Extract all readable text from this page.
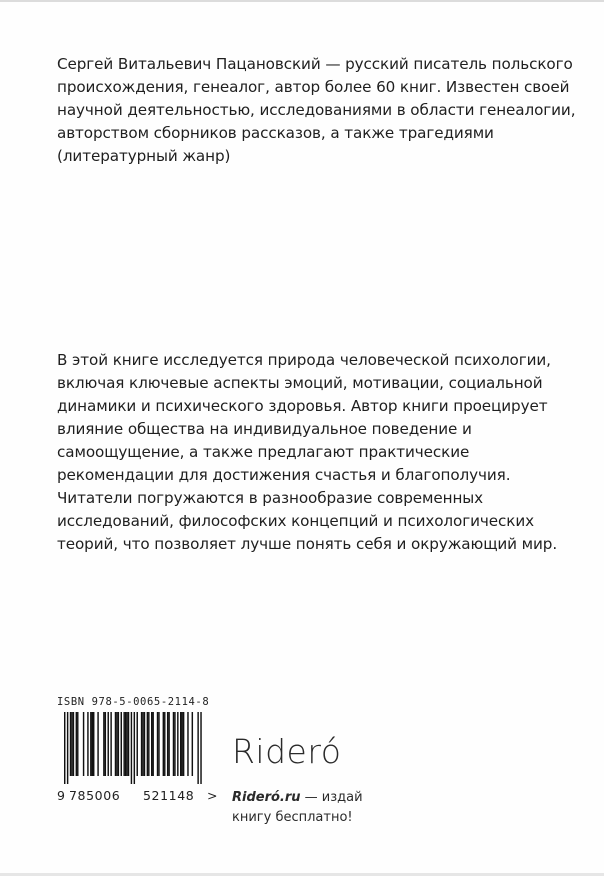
Сергей Витальевич Пацановский — русский писатель польского происхождения, генеалог, автор более 60 книг. Известен своей научной деятельностью, исследованиями в области генеалогии, авторством сборников рассказов, а также трагедиями (литературный жанр)

В этой книге исследуется природа человеческой психологии, включая ключевые аспекты эмоций, мотивации, социальной динамики и психического здоровья. Автор книги проецирует влияние общества на индивидуальное поведение и самоощущение, а также предлагают практические рекомендации для достижения счастья и благополучия. Читатели погружаются в разнообразие современных исследований, философских концепций и психологических теорий, что позволяет лучше понять себя и окружающий мир.

ISBN 978-5-0065-2114-8

9 785006 521148 >

Rideró

Rideró.ru — издай
книгу бесплатно!
